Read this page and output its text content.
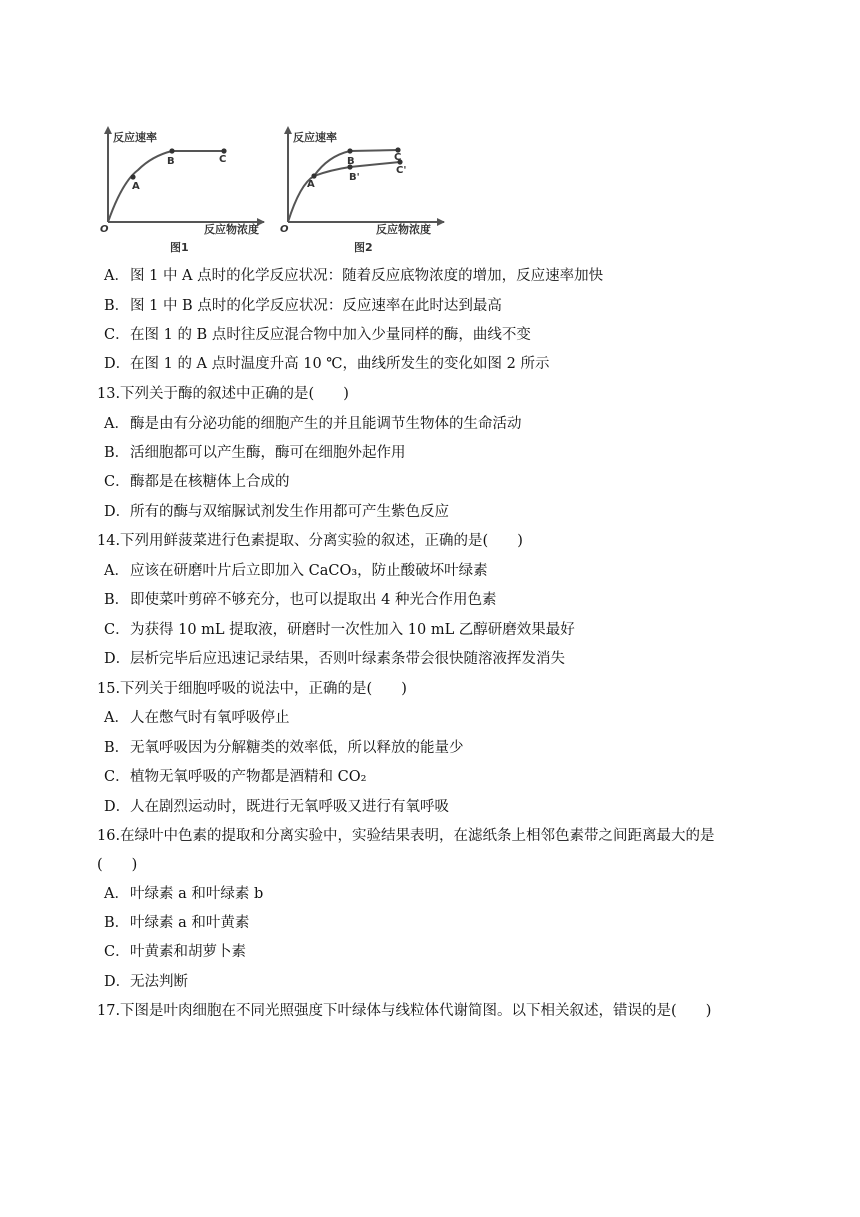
反应速率
反应物浓度
O
图1
A
B	C
反应速率
反应物浓度
O
图2
A
B	C
B'
C'
A．图 1 中 A 点时的化学反应状况：随着反应底物浓度的增加，反应速率加快
B．图 1 中 B 点时的化学反应状况：反应速率在此时达到最高
C．在图 1 的 B 点时往反应混合物中加入少量同样的酶，曲线不变
D．在图 1 的 A 点时温度升高 10 ℃，曲线所发生的变化如图 2 所示
13.下列关于酶的叙述中正确的是(　　)
A．酶是由有分泌功能的细胞产生的并且能调节生物体的生命活动
B．活细胞都可以产生酶，酶可在细胞外起作用
C．酶都是在核糖体上合成的
D．所有的酶与双缩脲试剂发生作用都可产生紫色反应
14.下列用鲜菠菜进行色素提取、分离实验的叙述，正确的是(　　)
A．应该在研磨叶片后立即加入 CaCO₃，防止酸破坏叶绿素
B．即使菜叶剪碎不够充分，也可以提取出 4 种光合作用色素
C．为获得 10 mL 提取液，研磨时一次性加入 10 mL 乙醇研磨效果最好
D．层析完毕后应迅速记录结果，否则叶绿素条带会很快随溶液挥发消失
15.下列关于细胞呼吸的说法中，正确的是(　　)
A．人在憋气时有氧呼吸停止
B．无氧呼吸因为分解糖类的效率低，所以释放的能量少
C．植物无氧呼吸的产物都是酒精和 CO₂
D．人在剧烈运动时，既进行无氧呼吸又进行有氧呼吸
16.在绿叶中色素的提取和分离实验中，实验结果表明，在滤纸条上相邻色素带之间距离最大的是
(　　)
A．叶绿素 a 和叶绿素 b
B．叶绿素 a 和叶黄素
C．叶黄素和胡萝卜素
D．无法判断
17.下图是叶肉细胞在不同光照强度下叶绿体与线粒体代谢简图。以下相关叙述，错误的是(　　)
